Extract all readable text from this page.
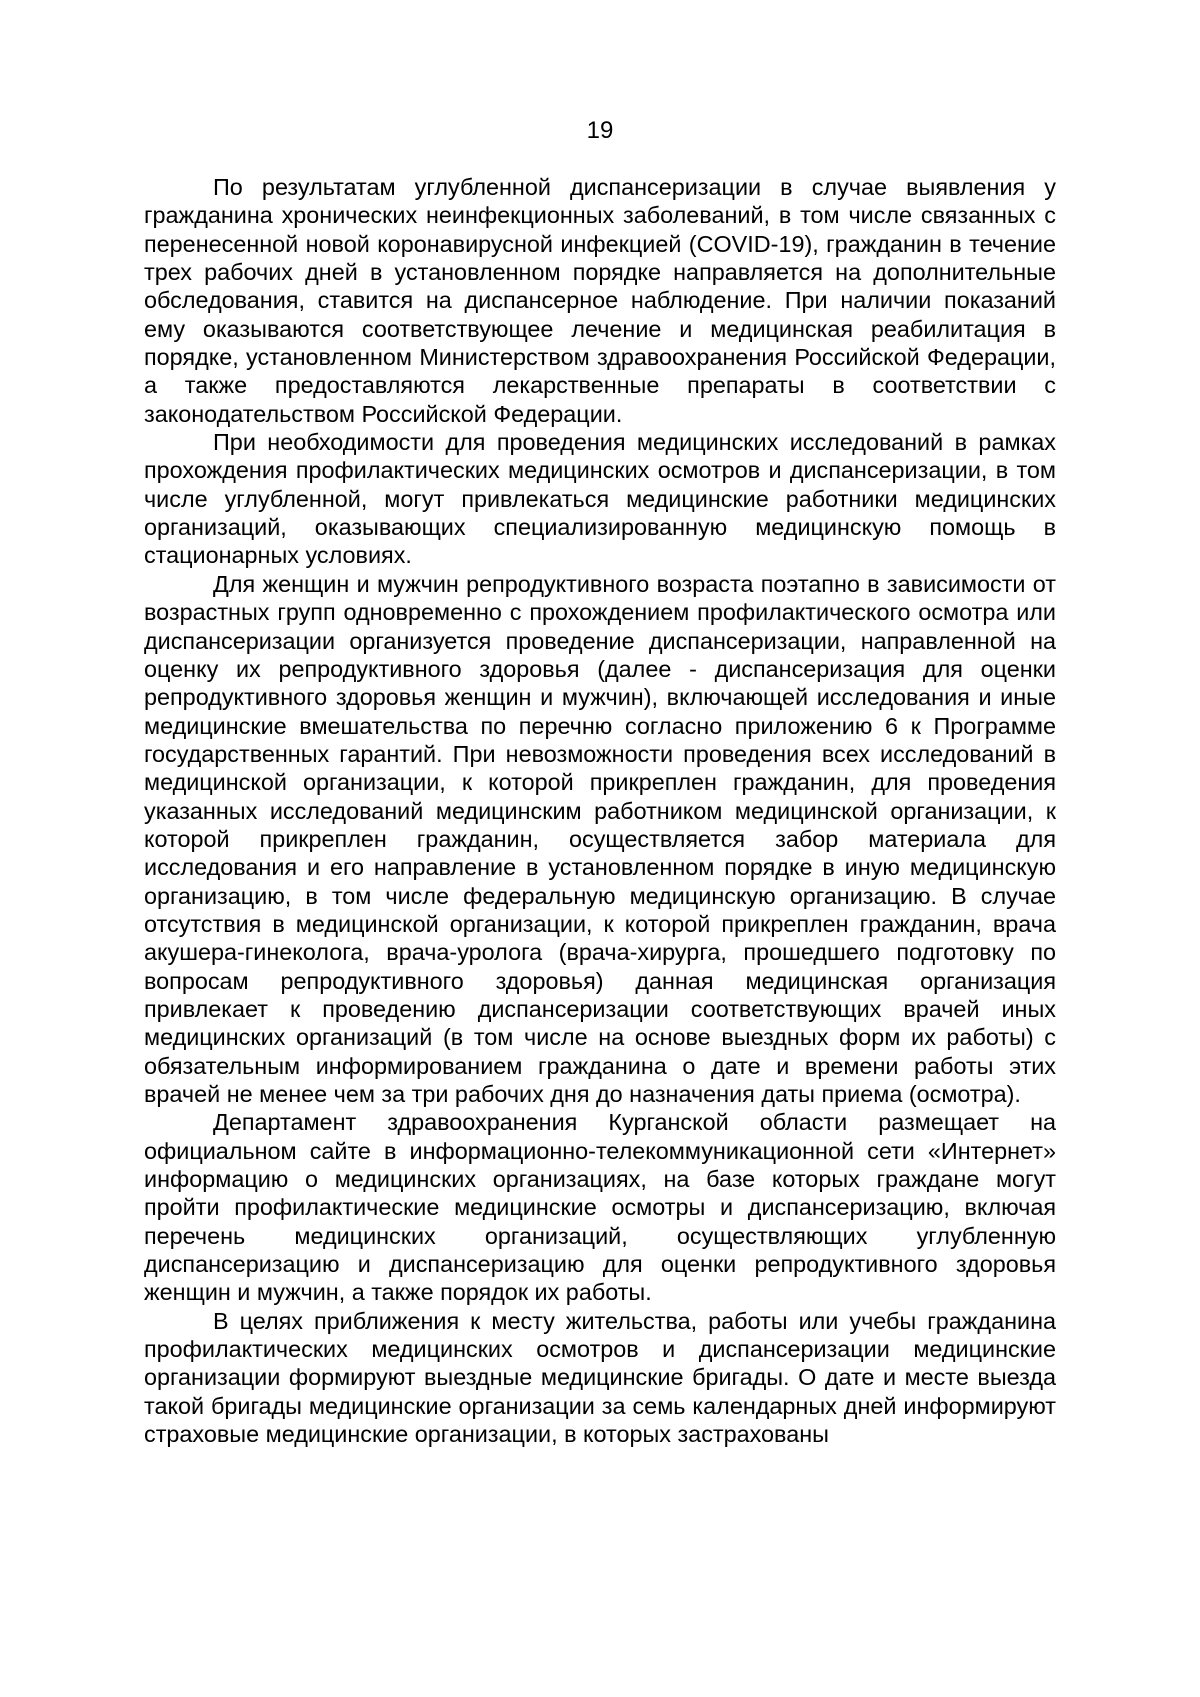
19

По результатам углубленной диспансеризации в случае выявления у гражданина хронических неинфекционных заболеваний, в том числе связанных с перенесенной новой коронавирусной инфекцией (COVID-19), гражданин в течение трех рабочих дней в установленном порядке направляется на дополнительные обследования, ставится на диспансерное наблюдение. При наличии показаний ему оказываются соответствующее лечение и медицинская реабилитация в порядке, установленном Министерством здравоохранения Российской Федерации, а также предоставляются лекарственные препараты в соответствии с законодательством Российской Федерации.

При необходимости для проведения медицинских исследований в рамках прохождения профилактических медицинских осмотров и диспансеризации, в том числе углубленной, могут привлекаться медицинские работники медицинских организаций, оказывающих специализированную медицинскую помощь в стационарных условиях.

Для женщин и мужчин репродуктивного возраста поэтапно в зависимости от возрастных групп одновременно с прохождением профилактического осмотра или диспансеризации организуется проведение диспансеризации, направленной на оценку их репродуктивного здоровья (далее - диспансеризация для оценки репродуктивного здоровья женщин и мужчин), включающей исследования и иные медицинские вмешательства по перечню согласно приложению 6 к Программе государственных гарантий. При невозможности проведения всех исследований в медицинской организации, к которой прикреплен гражданин, для проведения указанных исследований медицинским работником медицинской организации, к которой прикреплен гражданин, осуществляется забор материала для исследования и его направление в установленном порядке в иную медицинскую организацию, в том числе федеральную медицинскую организацию. В случае отсутствия в медицинской организации, к которой прикреплен гражданин, врача акушера-гинеколога, врача-уролога (врача-хирурга, прошедшего подготовку по вопросам репродуктивного здоровья) данная медицинская организация привлекает к проведению диспансеризации соответствующих врачей иных медицинских организаций (в том числе на основе выездных форм их работы) с обязательным информированием гражданина о дате и времени работы этих врачей не менее чем за три рабочих дня до назначения даты приема (осмотра).

Департамент здравоохранения Курганской области размещает на официальном сайте в информационно-телекоммуникационной сети «Интернет» информацию о медицинских организациях, на базе которых граждане могут пройти профилактические медицинские осмотры и диспансеризацию, включая перечень медицинских организаций, осуществляющих углубленную диспансеризацию и диспансеризацию для оценки репродуктивного здоровья женщин и мужчин, а также порядок их работы.

В целях приближения к месту жительства, работы или учебы гражданина профилактических медицинских осмотров и диспансеризации медицинские организации формируют выездные медицинские бригады. О дате и месте выезда такой бригады медицинские организации за семь календарных дней информируют страховые медицинские организации, в которых застрахованы
